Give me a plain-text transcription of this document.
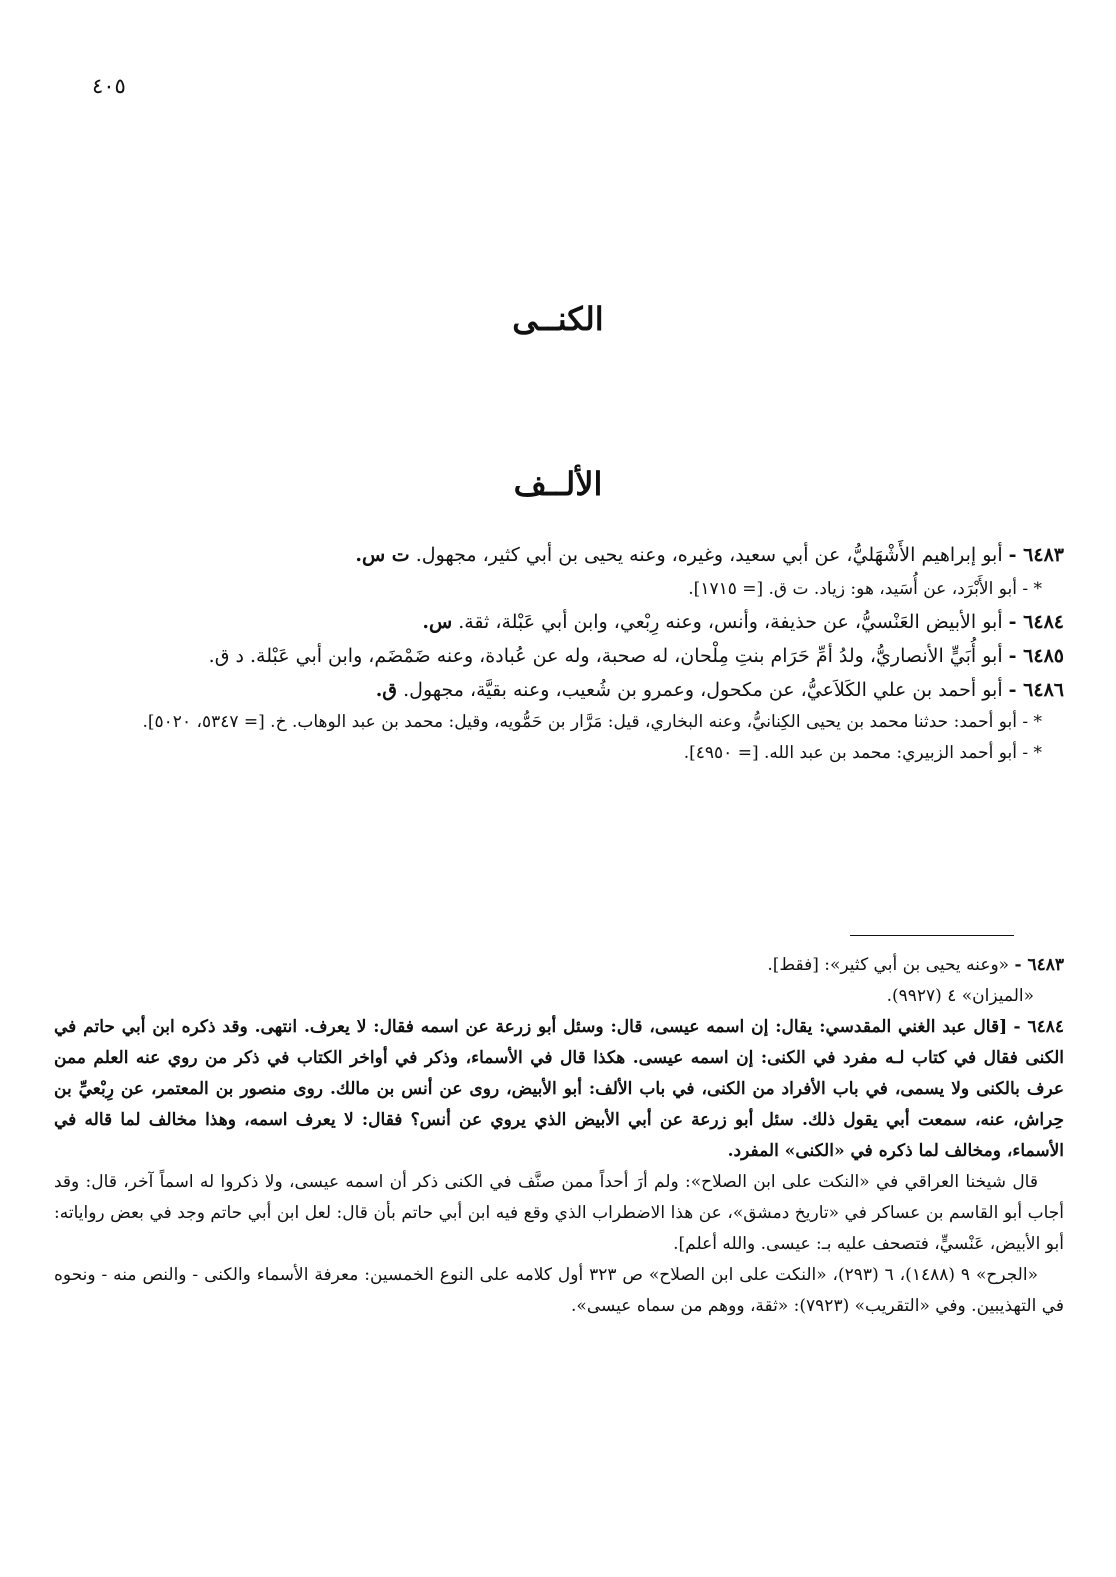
٤٠٥
الكنــى
الألــف

٦٤٨٣ - أبو إبراهيم الأَشْهَليُّ، عن أبي سعيد، وغيره، وعنه يحيى بن أبي كثير، مجهول. ت س.

* - أبو الأَبْرَد، عن أُسَيد، هو: زياد. ت ق. [= ١٧١٥].

٦٤٨٤ - أبو الأبيض العَنْسيُّ، عن حذيفة، وأنس، وعنه رِبْعي، وابن أبي عَبْلة، ثقة. س.

٦٤٨٥ - أبو أُبَيٍّ الأنصاريُّ، ولدُ أمِّ حَرَام بنتِ مِلْحان، له صحبة، وله عن عُبادة، وعنه ضَمْضَم، وابن أبي عَبْلة. د ق.

٦٤٨٦ - أبو أحمد بن علي الكَلاَعيُّ، عن مكحول، وعمرو بن شُعيب، وعنه بقيَّة، مجهول. ق.

* - أبو أحمد: حدثنا محمد بن يحيى الكِنانيُّ، وعنه البخاري، قيل: مَرَّار بن حَمُّويه، وقيل: محمد بن عبد الوهاب. خ. [= ٥٣٤٧، ٥٠٢٠].

* - أبو أحمد الزبيري: محمد بن عبد الله. [= ٤٩٥٠].

٦٤٨٣ - «وعنه يحيى بن أبي كثير»: [فقط].

«الميزان» ٤ (٩٩٢٧).

٦٤٨٤ - [قال عبد الغني المقدسي: يقال: إن اسمه عيسى، قال: وسئل أبو زرعة عن اسمه فقال: لا يعرف. انتهى. وقد ذكره ابن أبي حاتم في الكنى فقال في كتاب لـه مفرد في الكنى: إن اسمه عيسى. هكذا قال في الأسماء، وذكر في أواخر الكتاب في ذكر من روي عنه العلم ممن عرف بالكنى ولا يسمى، في باب الأفراد من الكنى، في باب الألف: أبو الأبيض، روى عن أنس بن مالك. روى منصور بن المعتمر، عن رِبْعيِّ بن حِراش، عنه، سمعت أبي يقول ذلك. سئل أبو زرعة عن أبي الأبيض الذي يروي عن أنس؟ فقال: لا يعرف اسمه، وهذا مخالف لما قاله في الأسماء، ومخالف لما ذكره في «الكنى» المفرد.

قال شيخنا العراقي في «النكت على ابن الصلاح»: ولم أرَ أحداً ممن صنَّف في الكنى ذكر أن اسمه عيسى، ولا ذكروا له اسماً آخر، قال: وقد أجاب أبو القاسم بن عساكر في «تاريخ دمشق»، عن هذا الاضطراب الذي وقع فيه ابن أبي حاتم بأن قال: لعل ابن أبي حاتم وجد في بعض رواياته: أبو الأبيض، عَنْسيٍّ، فتصحف عليه بـ: عيسى. والله أعلم].

«الجرح» ٩ (١٤٨٨)، ٦ (٢٩٣)، «النكت على ابن الصلاح» ص ٣٢٣ أول كلامه على النوع الخمسين: معرفة الأسماء والكنى - والنص منه - ونحوه في التهذيبين. وفي «التقريب» (٧٩٢٣): «ثقة، ووهم من سماه عيسى».
